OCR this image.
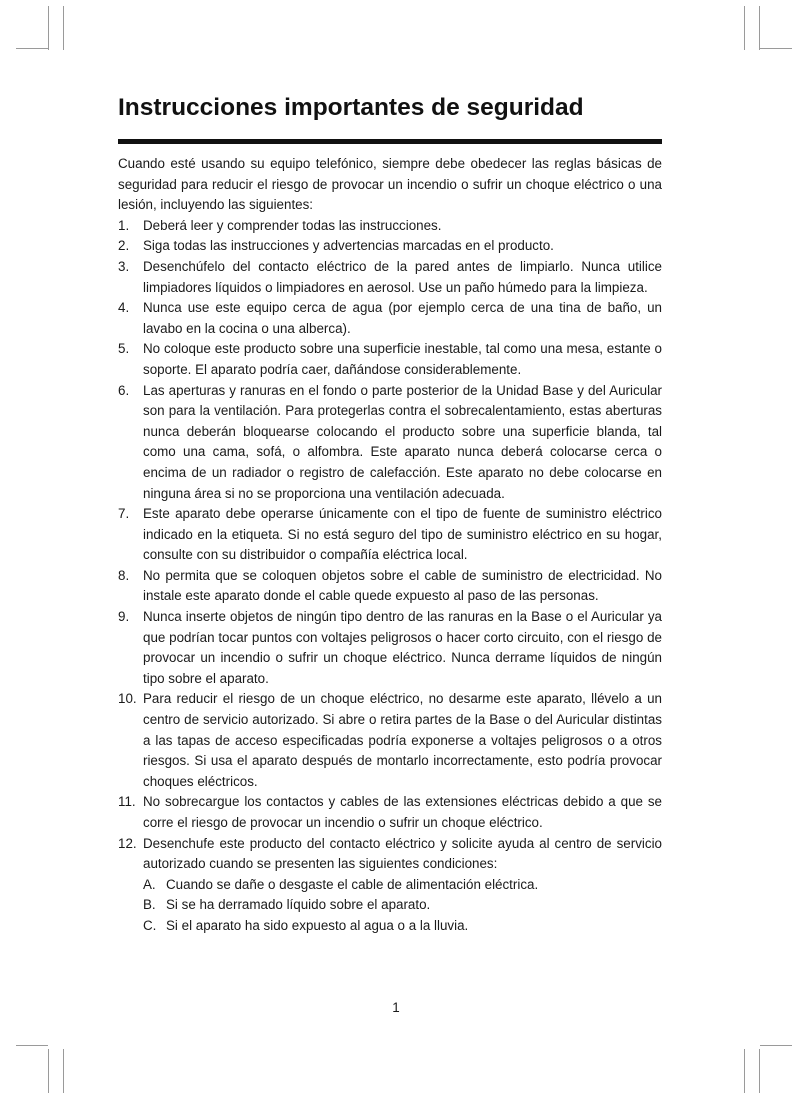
Instrucciones importantes de seguridad

Cuando esté usando su equipo telefónico, siempre debe obedecer las reglas básicas de seguridad para reducir el riesgo de provocar un incendio o sufrir un choque eléctrico o una lesión, incluyendo las siguientes:

1. Deberá leer y comprender todas las instrucciones.
2. Siga todas las instrucciones y advertencias marcadas en el producto.
3. Desenchúfelo del contacto eléctrico de la pared antes de limpiarlo. Nunca utilice limpiadores líquidos o limpiadores en aerosol. Use un paño húmedo para la limpieza.
4. Nunca use este equipo cerca de agua (por ejemplo cerca de una tina de baño, un lavabo en la cocina o una alberca).
5. No coloque este producto sobre una superficie inestable, tal como una mesa, estante o soporte. El aparato podría caer, dañándose considerablemente.
6. Las aperturas y ranuras en el fondo o parte posterior de la Unidad Base y del Auricular son para la ventilación. Para protegerlas contra el sobrecalentamiento, estas aberturas nunca deberán bloquearse colocando el producto sobre una superficie blanda, tal como una cama, sofá, o alfombra. Este aparato nunca deberá colocarse cerca o encima de un radiador o registro de calefacción. Este aparato no debe colocarse en ninguna área si no se proporciona una ventilación adecuada.
7. Este aparato debe operarse únicamente con el tipo de fuente de suministro eléctrico indicado en la etiqueta. Si no está seguro del tipo de suministro eléctrico en su hogar, consulte con su distribuidor o compañía eléctrica local.
8. No permita que se coloquen objetos sobre el cable de suministro de electricidad. No instale este aparato donde el cable quede expuesto al paso de las personas.
9. Nunca inserte objetos de ningún tipo dentro de las ranuras en la Base o el Auricular ya que podrían tocar puntos con voltajes peligrosos o hacer corto circuito, con el riesgo de provocar un incendio o sufrir un choque eléctrico. Nunca derrame líquidos de ningún tipo sobre el aparato.
10. Para reducir el riesgo de un choque eléctrico, no desarme este aparato, llévelo a un centro de servicio autorizado. Si abre o retira partes de la Base o del Auricular distintas a las tapas de acceso especificadas podría exponerse a voltajes peligrosos o a otros riesgos. Si usa el aparato después de montarlo incorrectamente, esto podría provocar choques eléctricos.
11. No sobrecargue los contactos y cables de las extensiones eléctricas debido a que se corre el riesgo de provocar un incendio o sufrir un choque eléctrico.
12. Desenchufe este producto del contacto eléctrico y solicite ayuda al centro de servicio autorizado cuando se presenten las siguientes condiciones:
A. Cuando se dañe o desgaste el cable de alimentación eléctrica.
B. Si se ha derramado líquido sobre el aparato.
C. Si el aparato ha sido expuesto al agua o a la lluvia.
1
